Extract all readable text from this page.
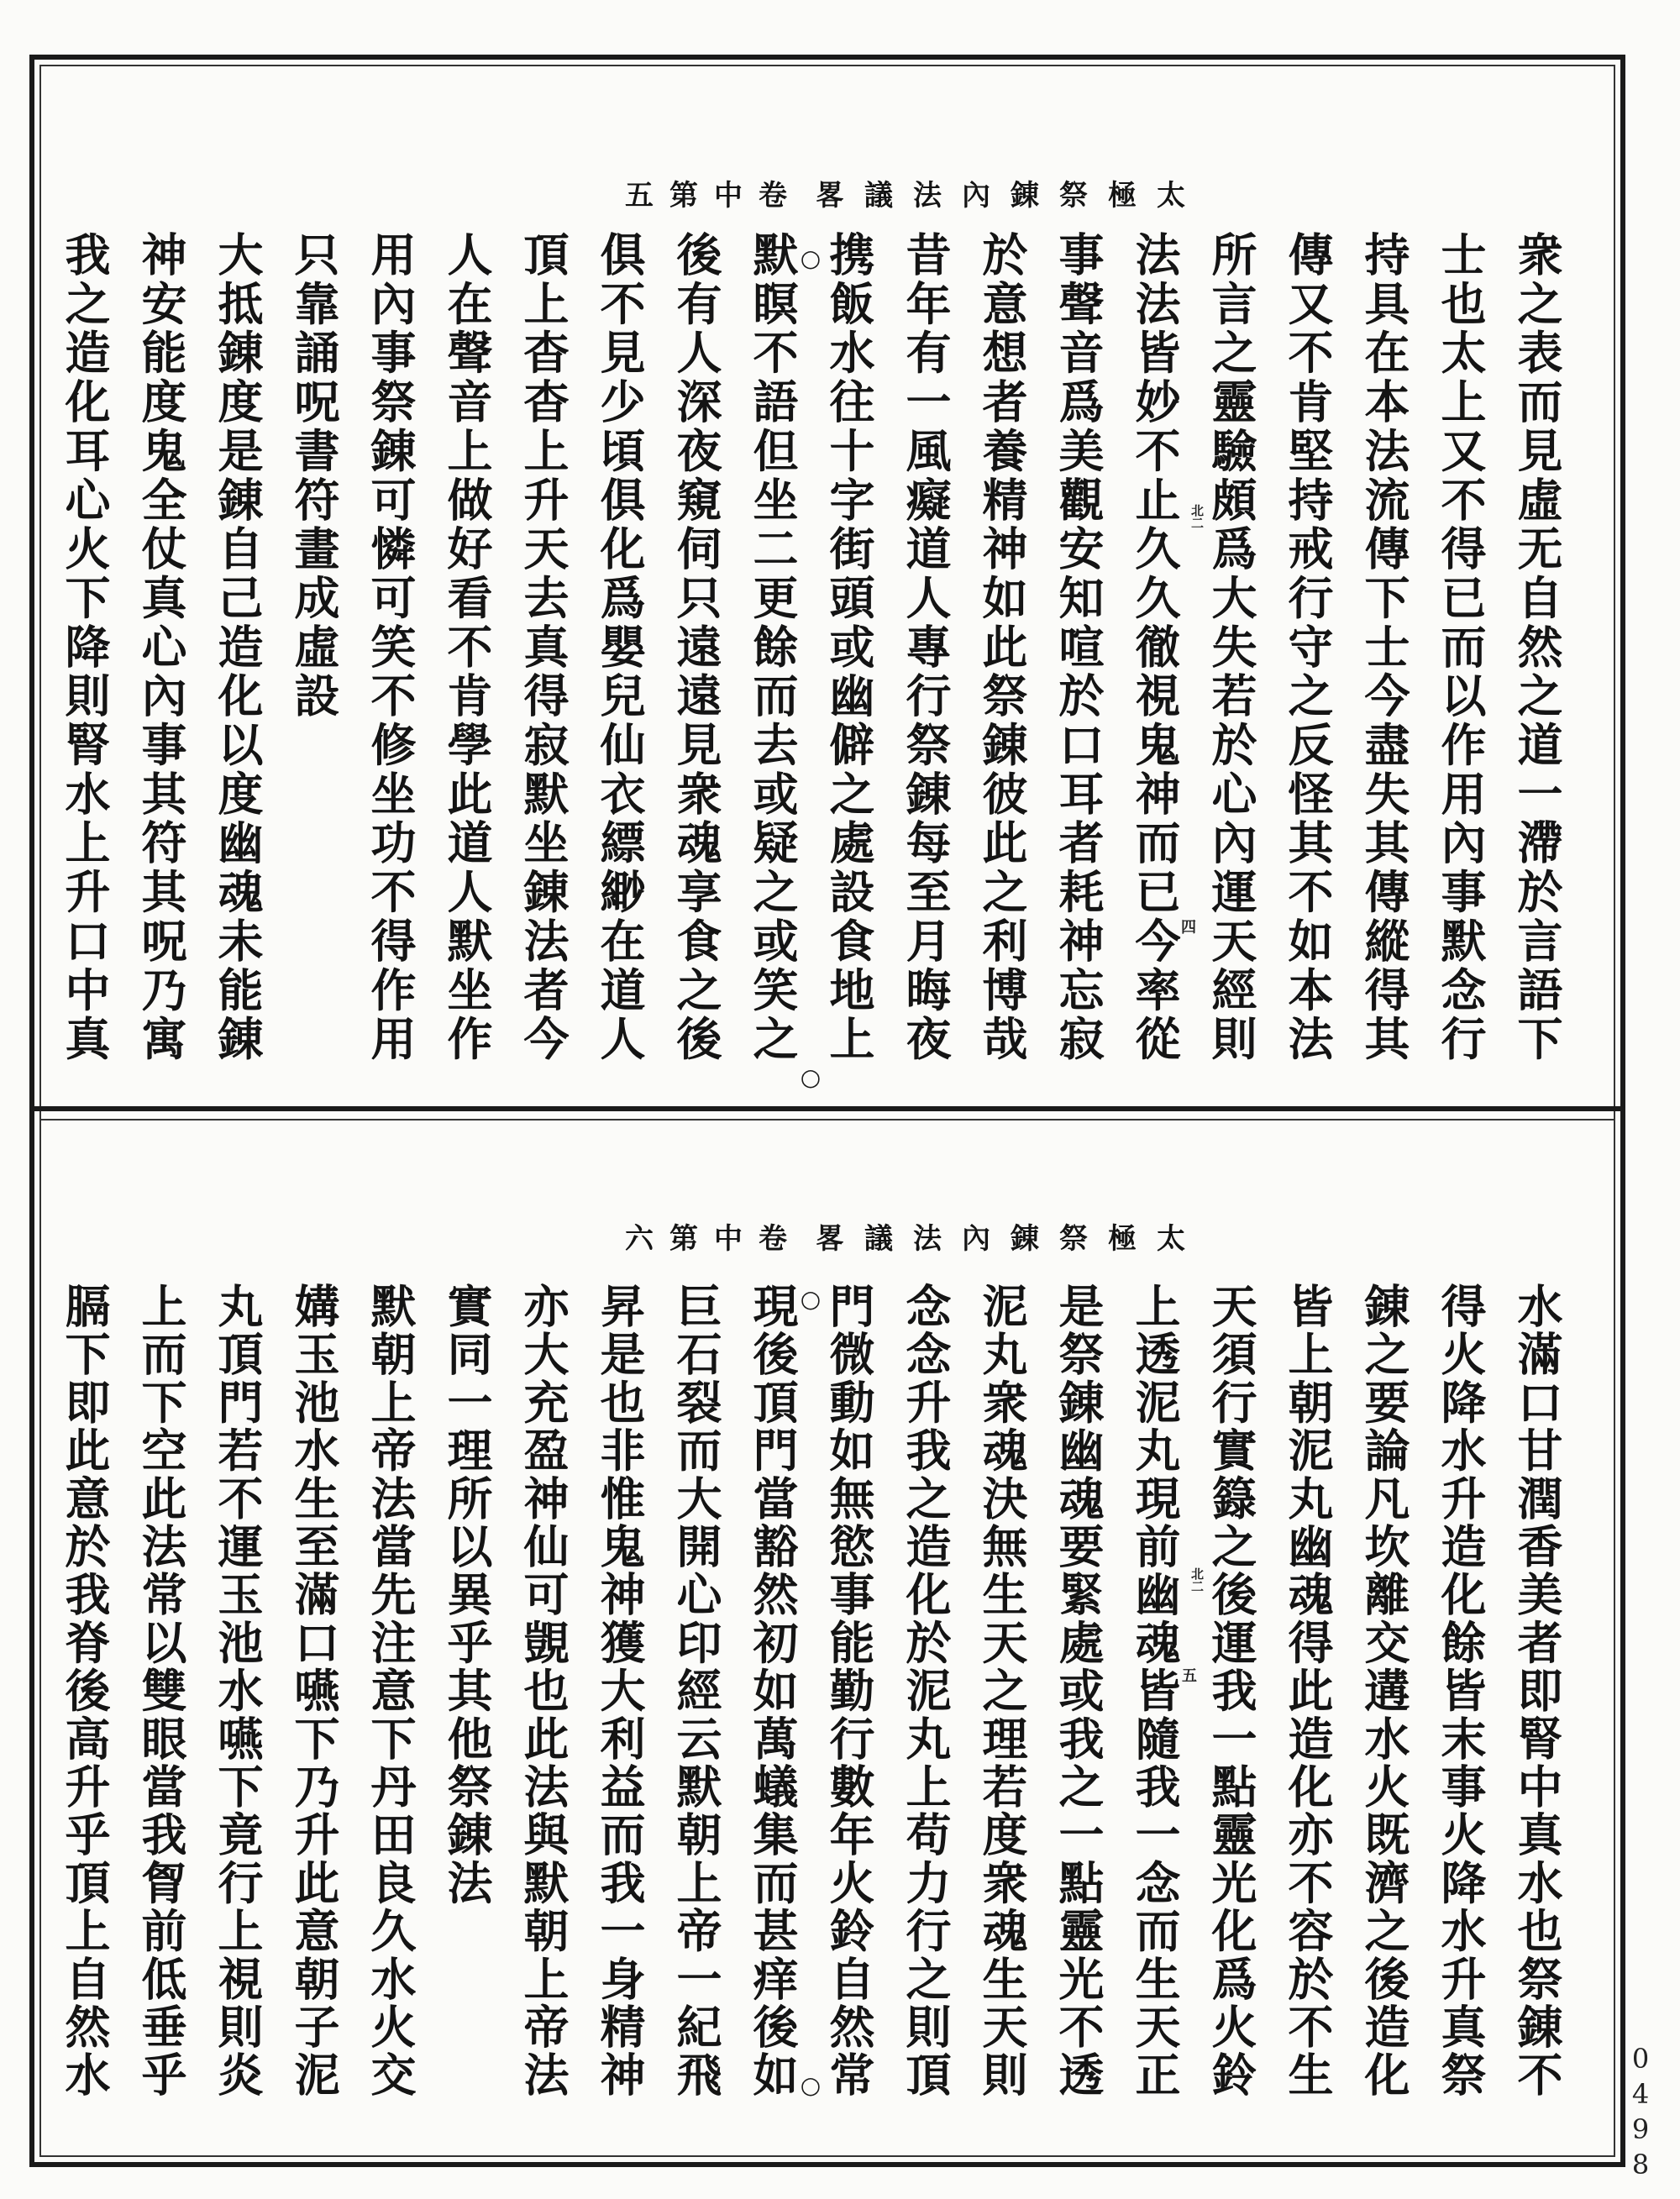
太極祭錬內法議畧
卷中
第五
衆之表而見虛无自然之道一滯於言語下
士也太上又不得已而以作用內事默念行
持具在本法流傳下士今盡失其傳縱得其
傳又不肯堅持戒行守之反怪其不如本法
所言之靈驗頗爲大失若於心內運天經則
法法皆妙不止久久徹視鬼神而已今率從
事聲音爲美觀安知喧於口耳者耗神忘寂
於意想者養精神如此祭錬彼此之利博哉
昔年有一風癡道人專行祭錬每至月晦夜
携飯水往十字街頭或幽僻之處設食地上
默瞑不語但坐二更餘而去或疑之或笑之
後有人深夜窺伺只遠遠見衆魂享食之後
俱不見少頃俱化爲嬰兒仙衣縹緲在道人
頂上杳杳上升天去真得寂默坐錬法者今
人在聲音上做好看不肯學此道人默坐作
用內事祭錬可憐可笑不修坐功不得作用
只靠誦呪書符畫成虛設
大抵錬度是錬自己造化以度幽魂未能錬
神安能度鬼全仗真心內事其符其呪乃寓
我之造化耳心火下降則腎水上升口中真	北二
四
○
○
太極祭錬內法議畧
卷中
第六
水滿口甘潤香美者即腎中真水也祭錬不
得火降水升造化餘皆末事火降水升真祭
錬之要論凡坎離交遘水火既濟之後造化
皆上朝泥丸幽魂得此造化亦不容於不生
天須行實籙之後運我一點靈光化爲火鈴
上透泥丸現前幽魂皆隨我一念而生天正
是祭錬幽魂要緊處或我之一點靈光不透
泥丸衆魂決無生天之理若度衆魂生天則
念念升我之造化於泥丸上苟力行之則頂
門微動如無慾事能勤行數年火鈴自然常
現後頂門當豁然初如萬蟻集而甚痒後如
巨石裂而大開心印經云默朝上帝一紀飛
昇是也非惟鬼神獲大利益而我一身精神
亦大充盈神仙可覬也此法與默朝上帝法
實同一理所以異乎其他祭錬法
默朝上帝法當先注意下丹田良久水火交
媾玉池水生至滿口嚥下乃升此意朝子泥
丸頂門若不運玉池水嚥下竟行上視則炎
上而下空此法常以雙眼當我胷前低垂乎
膈下即此意於我脊後高升乎頂上自然水	北二
五
○
○	0498
